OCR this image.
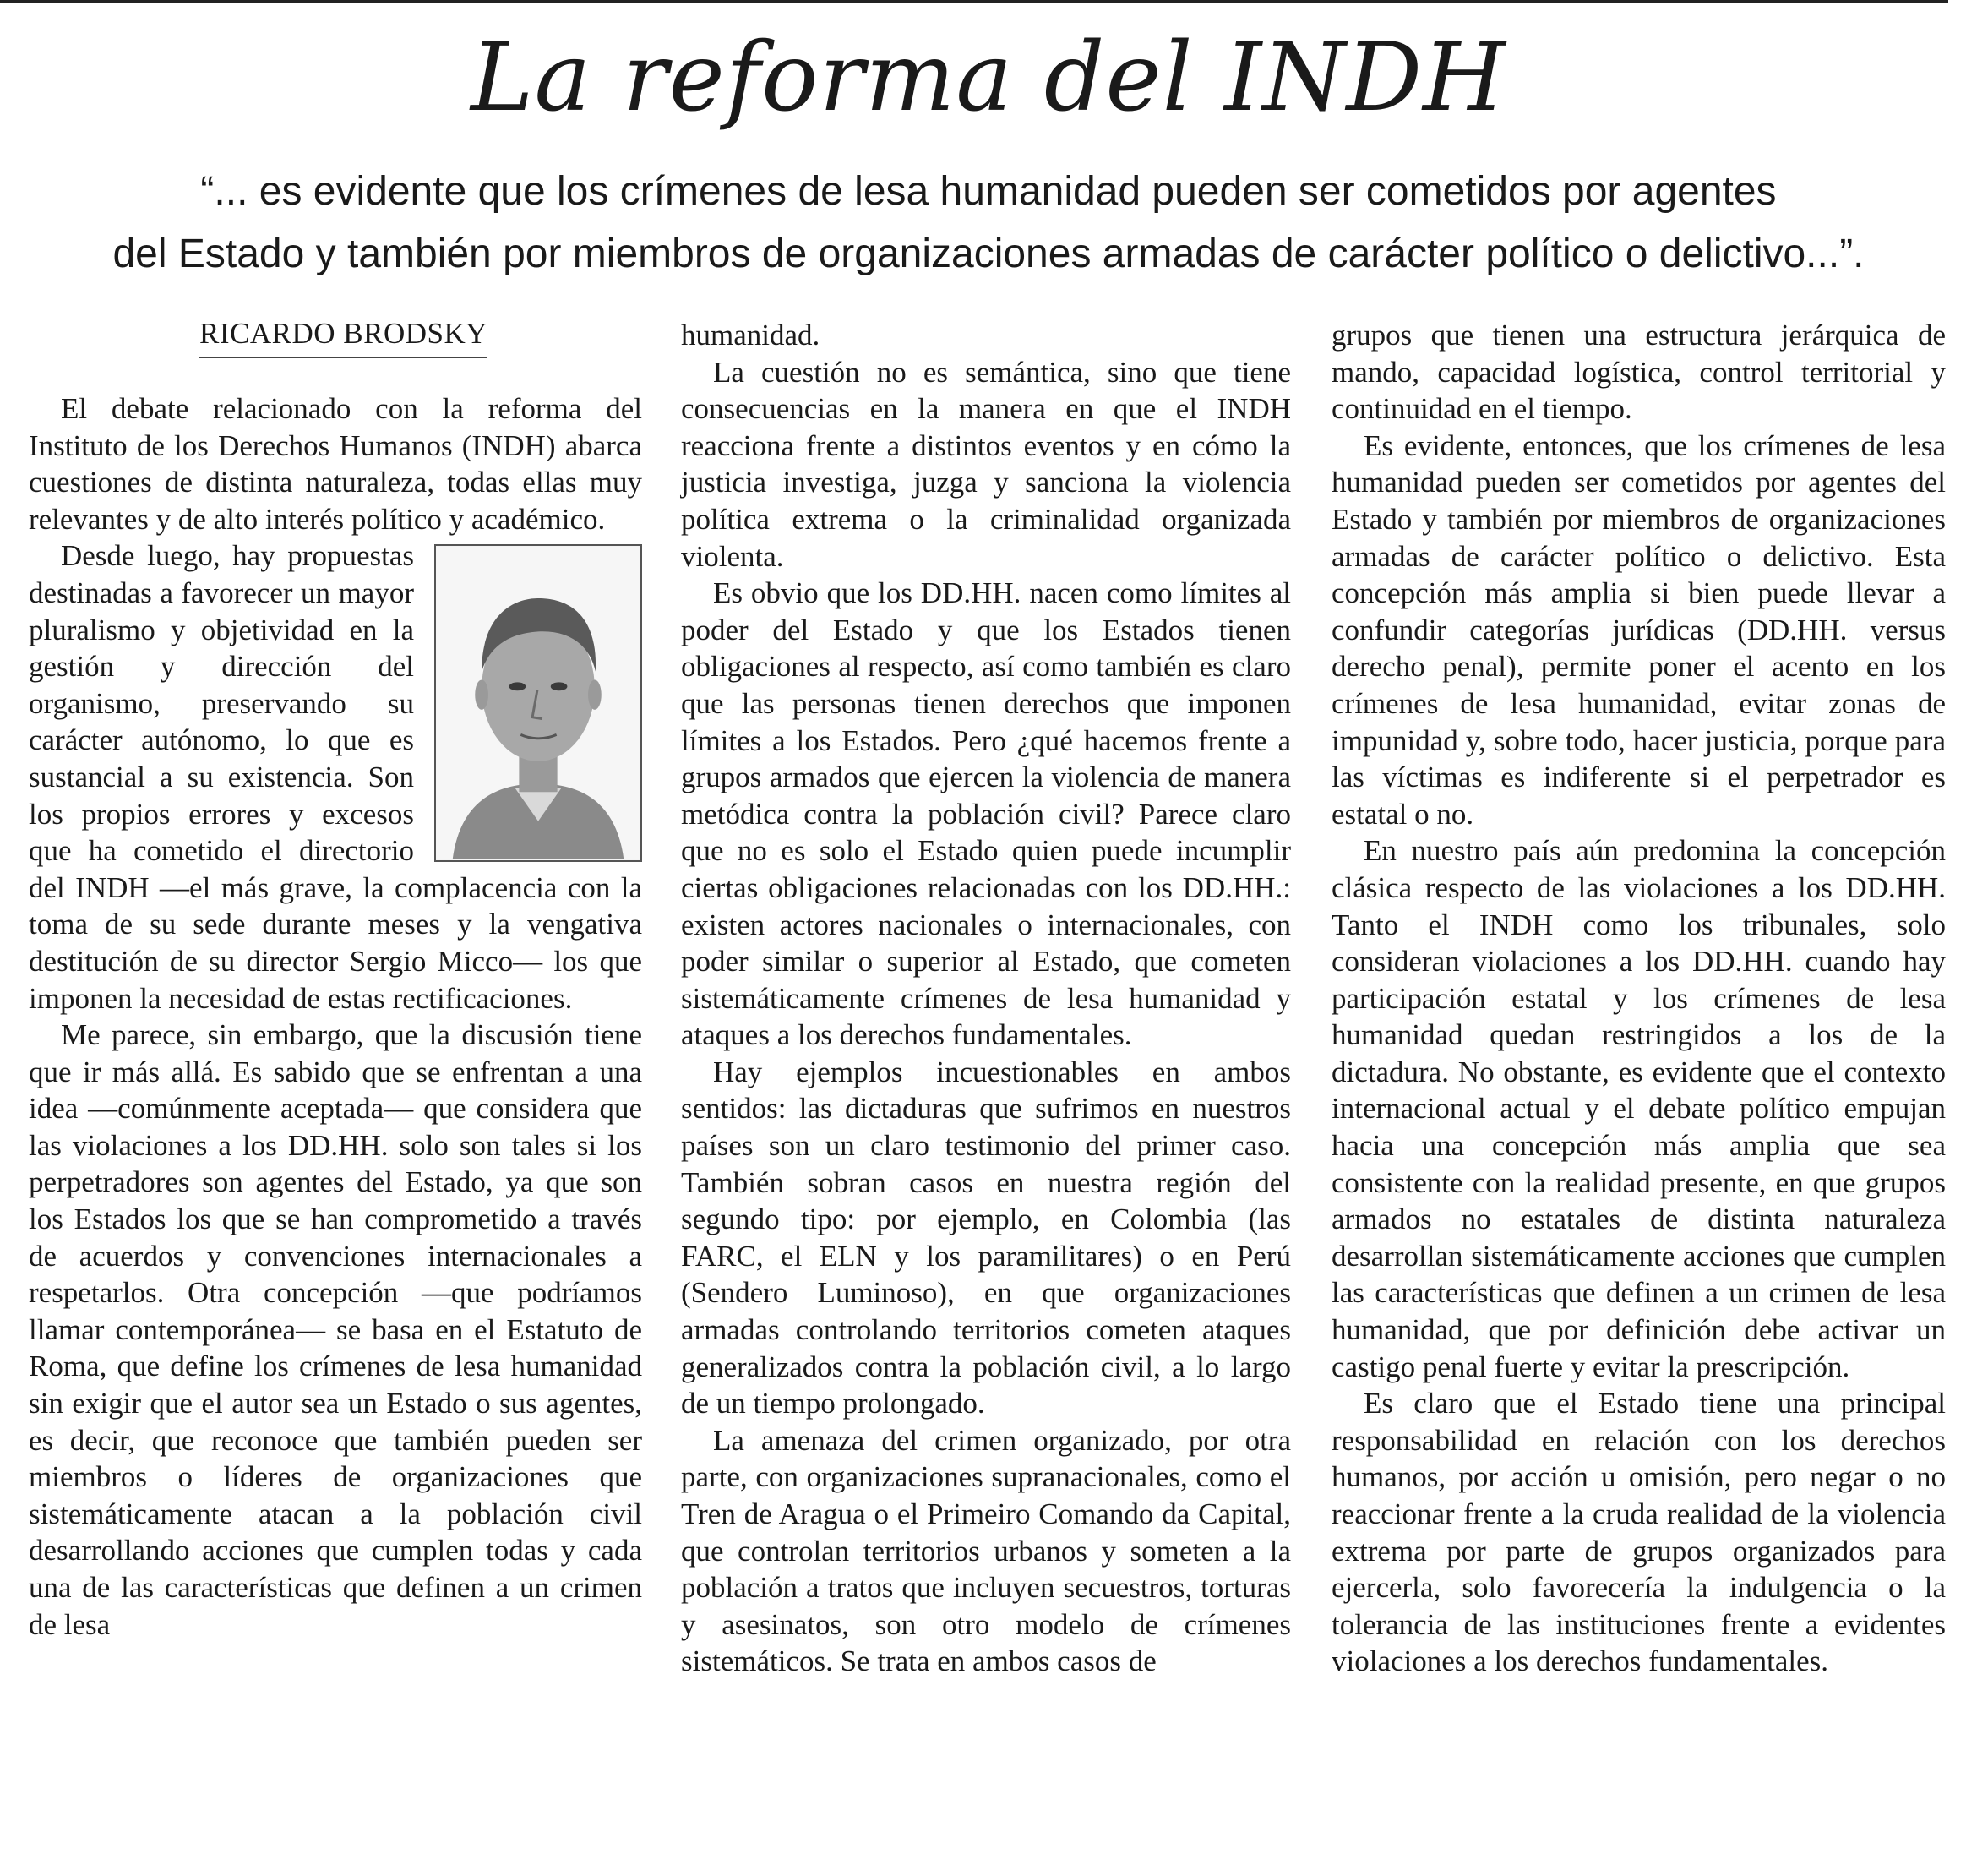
La reforma del INDH
“... es evidente que los crímenes de lesa humanidad pueden ser cometidos por agentes
del Estado y también por miembros de organizaciones armadas de carácter político o delictivo...”.
RICARDO BRODSKY

El debate relacionado con la reforma del Instituto de los Derechos Humanos (INDH) abarca cuestiones de distinta naturaleza, todas ellas muy relevantes y de alto interés político y académico.

Desde luego, hay propuestas destinadas a favorecer un mayor pluralismo y objetividad en la gestión y dirección del organismo, preservando su carácter autónomo, lo que es sustancial a su existencia. Son los propios errores y excesos que ha cometido el directorio del INDH —el más grave, la complacencia con la toma de su sede durante meses y la vengativa destitución de su director Sergio Micco— los que imponen la necesidad de estas rectificaciones.

Me parece, sin embargo, que la discusión tiene que ir más allá. Es sabido que se enfrentan a una idea —comúnmente aceptada— que considera que las violaciones a los DD.HH. solo son tales si los perpetradores son agentes del Estado, ya que son los Estados los que se han comprometido a través de acuerdos y convenciones internacionales a respetarlos. Otra concepción —que podríamos llamar contemporánea— se basa en el Estatuto de Roma, que define los crímenes de lesa humanidad sin exigir que el autor sea un Estado o sus agentes, es decir, que reconoce que también pueden ser miembros o líderes de organizaciones que sistemáticamente atacan a la población civil desarrollando acciones que cumplen todas y cada una de las características que definen a un crimen de lesa

humanidad.

La cuestión no es semántica, sino que tiene consecuencias en la manera en que el INDH reacciona frente a distintos eventos y en cómo la justicia investiga, juzga y sanciona la violencia política extrema o la criminalidad organizada violenta.

Es obvio que los DD.HH. nacen como límites al poder del Estado y que los Estados tienen obligaciones al respecto, así como también es claro que las personas tienen derechos que imponen límites a los Estados. Pero ¿qué hacemos frente a grupos armados que ejercen la violencia de manera metódica contra la población civil? Parece claro que no es solo el Estado quien puede incumplir ciertas obligaciones relacionadas con los DD.HH.: existen actores nacionales o internacionales, con poder similar o superior al Estado, que cometen sistemáticamente crímenes de lesa humanidad y ataques a los derechos fundamentales.

Hay ejemplos incuestionables en ambos sentidos: las dictaduras que sufrimos en nuestros países son un claro testimonio del primer caso. También sobran casos en nuestra región del segundo tipo: por ejemplo, en Colombia (las FARC, el ELN y los paramilitares) o en Perú (Sendero Luminoso), en que organizaciones armadas controlando territorios cometen ataques generalizados contra la población civil, a lo largo de un tiempo prolongado.

La amenaza del crimen organizado, por otra parte, con organizaciones supranacionales, como el Tren de Aragua o el Primeiro Comando da Capital, que controlan territorios urbanos y someten a la población a tratos que incluyen secuestros, torturas y asesinatos, son otro modelo de crímenes sistemáticos. Se trata en ambos casos de

grupos que tienen una estructura jerárquica de mando, capacidad logística, control territorial y continuidad en el tiempo.

Es evidente, entonces, que los crímenes de lesa humanidad pueden ser cometidos por agentes del Estado y también por miembros de organizaciones armadas de carácter político o delictivo. Esta concepción más amplia si bien puede llevar a confundir categorías jurídicas (DD.HH. versus derecho penal), permite poner el acento en los crímenes de lesa humanidad, evitar zonas de impunidad y, sobre todo, hacer justicia, porque para las víctimas es indiferente si el perpetrador es estatal o no.

En nuestro país aún predomina la concepción clásica respecto de las violaciones a los DD.HH. Tanto el INDH como los tribunales, solo consideran violaciones a los DD.HH. cuando hay participación estatal y los crímenes de lesa humanidad quedan restringidos a los de la dictadura. No obstante, es evidente que el contexto internacional actual y el debate político empujan hacia una concepción más amplia que sea consistente con la realidad presente, en que grupos armados no estatales de distinta naturaleza desarrollan sistemáticamente acciones que cumplen las características que definen a un crimen de lesa humanidad, que por definición debe activar un castigo penal fuerte y evitar la prescripción.

Es claro que el Estado tiene una principal responsabilidad en relación con los derechos humanos, por acción u omisión, pero negar o no reaccionar frente a la cruda realidad de la violencia extrema por parte de grupos organizados para ejercerla, solo favorecería la indulgencia o la tolerancia de las instituciones frente a evidentes violaciones a los derechos fundamentales.
